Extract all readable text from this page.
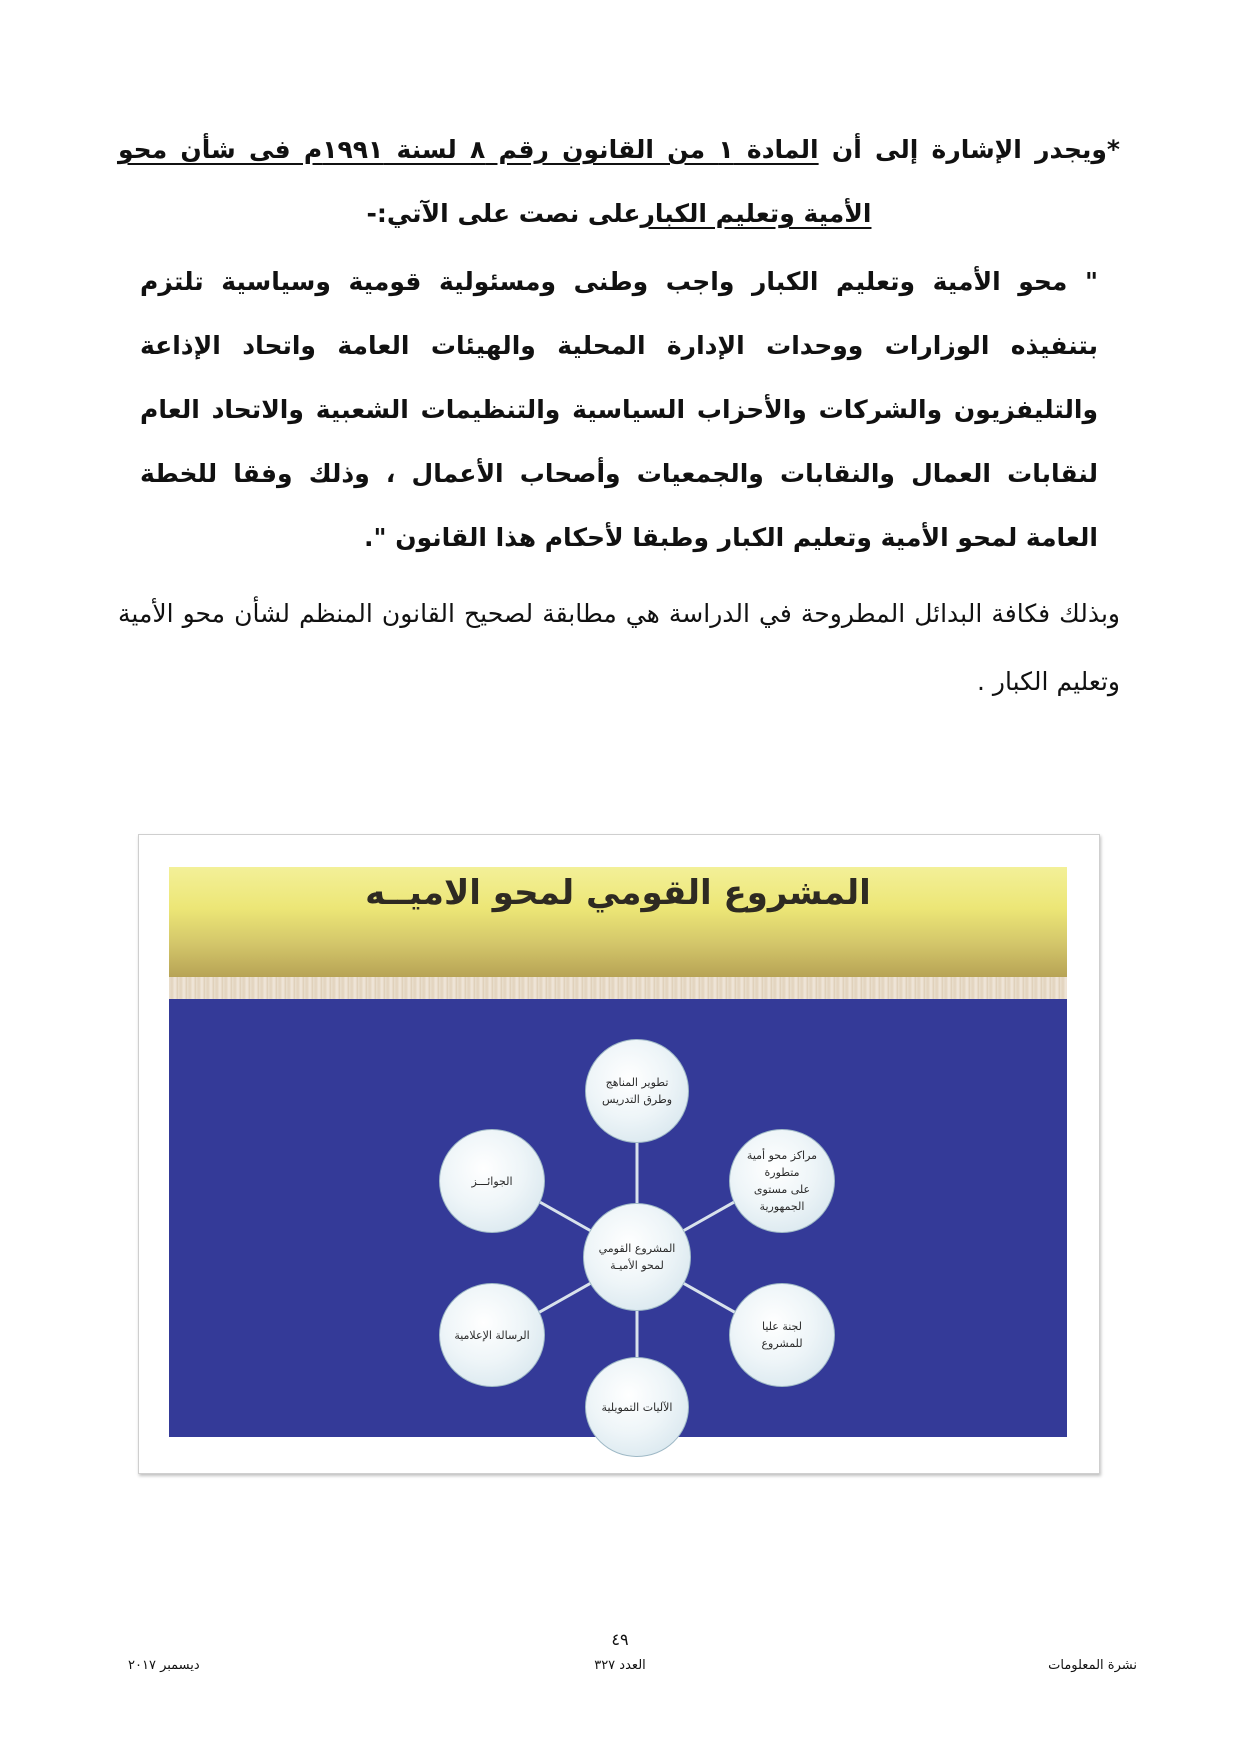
*ويجدر الإشارة إلى أن المادة ١ من القانون رقم ٨ لسنة ١٩٩١م فى شأن محو الأمية وتعليم الكبارعلى نصت على الآتي:-
" محو الأمية وتعليم الكبار واجب وطنى ومسئولية قومية وسياسية تلتزم بتنفيذه الوزارات ووحدات الإدارة المحلية والهيئات العامة واتحاد الإذاعة والتليفزيون والشركات والأحزاب السياسية والتنظيمات الشعبية والاتحاد العام لنقابات العمال والنقابات والجمعيات وأصحاب الأعمال ، وذلك وفقا للخطة العامة لمحو الأمية وتعليم الكبار وطبقا لأحكام هذا القانون ".
وبذلك فكافة البدائل المطروحة في الدراسة هي مطابقة لصحيح القانون المنظم لشأن محو الأمية وتعليم الكبار .
المشروع القومي لمحو الاميــه
المشروع القومي
لمحو الأميـة
تطوير المناهج
وطرق التدريس
مراكز محو أمية
متطورة
على مستوى
الجمهورية
لجنة عليا للمشروع
الآليات التمويلية
الرسالة الإعلامية
الجوائـــز
٤٩
نشرة المعلومات
العدد ٣٢٧
ديسمبر ٢٠١٧
